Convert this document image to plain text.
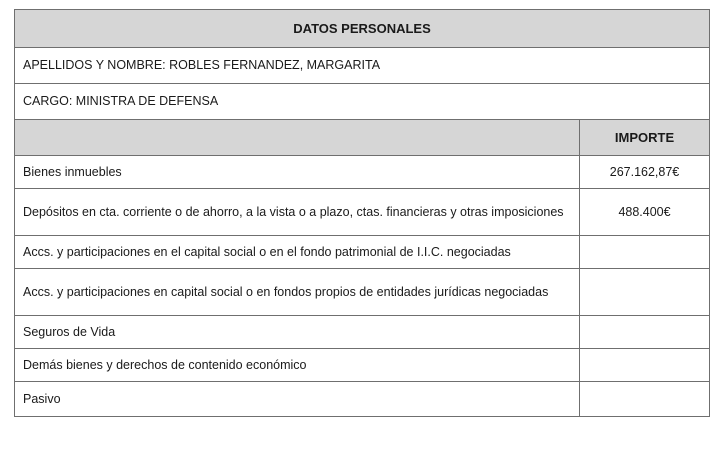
DATOS PERSONALES	
APELLIDOS Y NOMBRE: ROBLES FERNANDEZ, MARGARITA	
CARGO: MINISTRA DE DEFENSA	
	IMPORTE
Bienes inmuebles	267.162,87€
Depósitos en cta. corriente o de ahorro, a la vista o a plazo, ctas. financieras y otras imposiciones	488.400€
Accs. y participaciones en el capital social o en el fondo patrimonial de I.I.C. negociadas	
Accs. y participaciones en capital social o en fondos propios de entidades jurídicas negociadas	
Seguros de Vida	
Demás bienes y derechos de contenido económico	
Pasivo	
